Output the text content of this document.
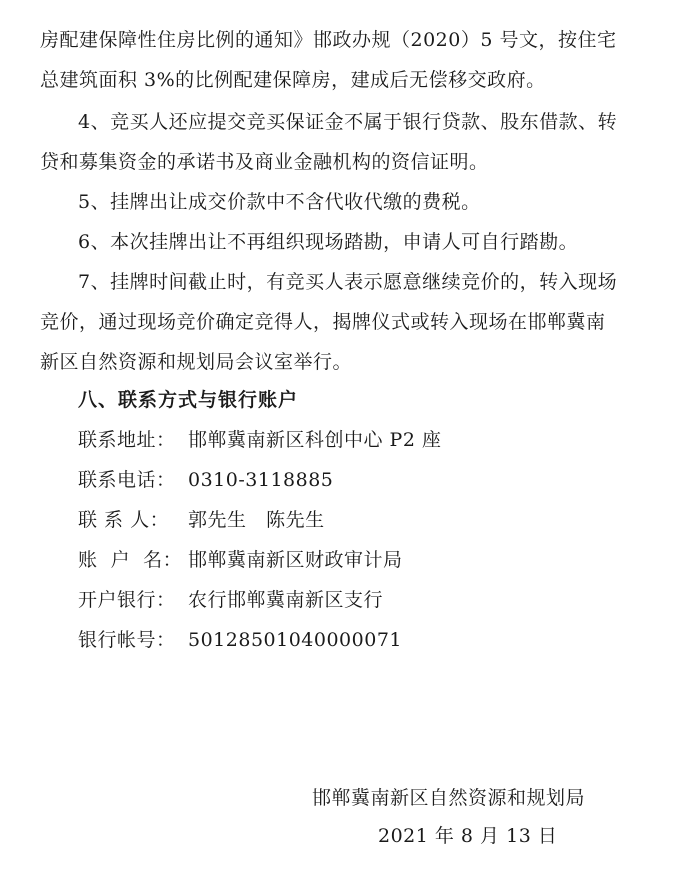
房配建保障性住房比例的通知》邯政办规（2020）5 号文，按住宅
总建筑面积 3%的比例配建保障房，建成后无偿移交政府。
4、竞买人还应提交竞买保证金不属于银行贷款、股东借款、转
贷和募集资金的承诺书及商业金融机构的资信证明。
5、挂牌出让成交价款中不含代收代缴的费税。
6、本次挂牌出让不再组织现场踏勘，申请人可自行踏勘。
7、挂牌时间截止时，有竞买人表示愿意继续竞价的，转入现场
竞价，通过现场竞价确定竞得人，揭牌仪式或转入现场在邯郸冀南
新区自然资源和规划局会议室举行。
八、联系方式与银行账户
联系地址： 邯郸冀南新区科创中心 P2 座
联系电话： 0310-3118885
联 系 人： 郭先生   陈先生
账  户  名： 邯郸冀南新区财政审计局
开户银行： 农行邯郸冀南新区支行
银行帐号： 50128501040000071
邯郸冀南新区自然资源和规划局
2021 年 8 月 13 日
